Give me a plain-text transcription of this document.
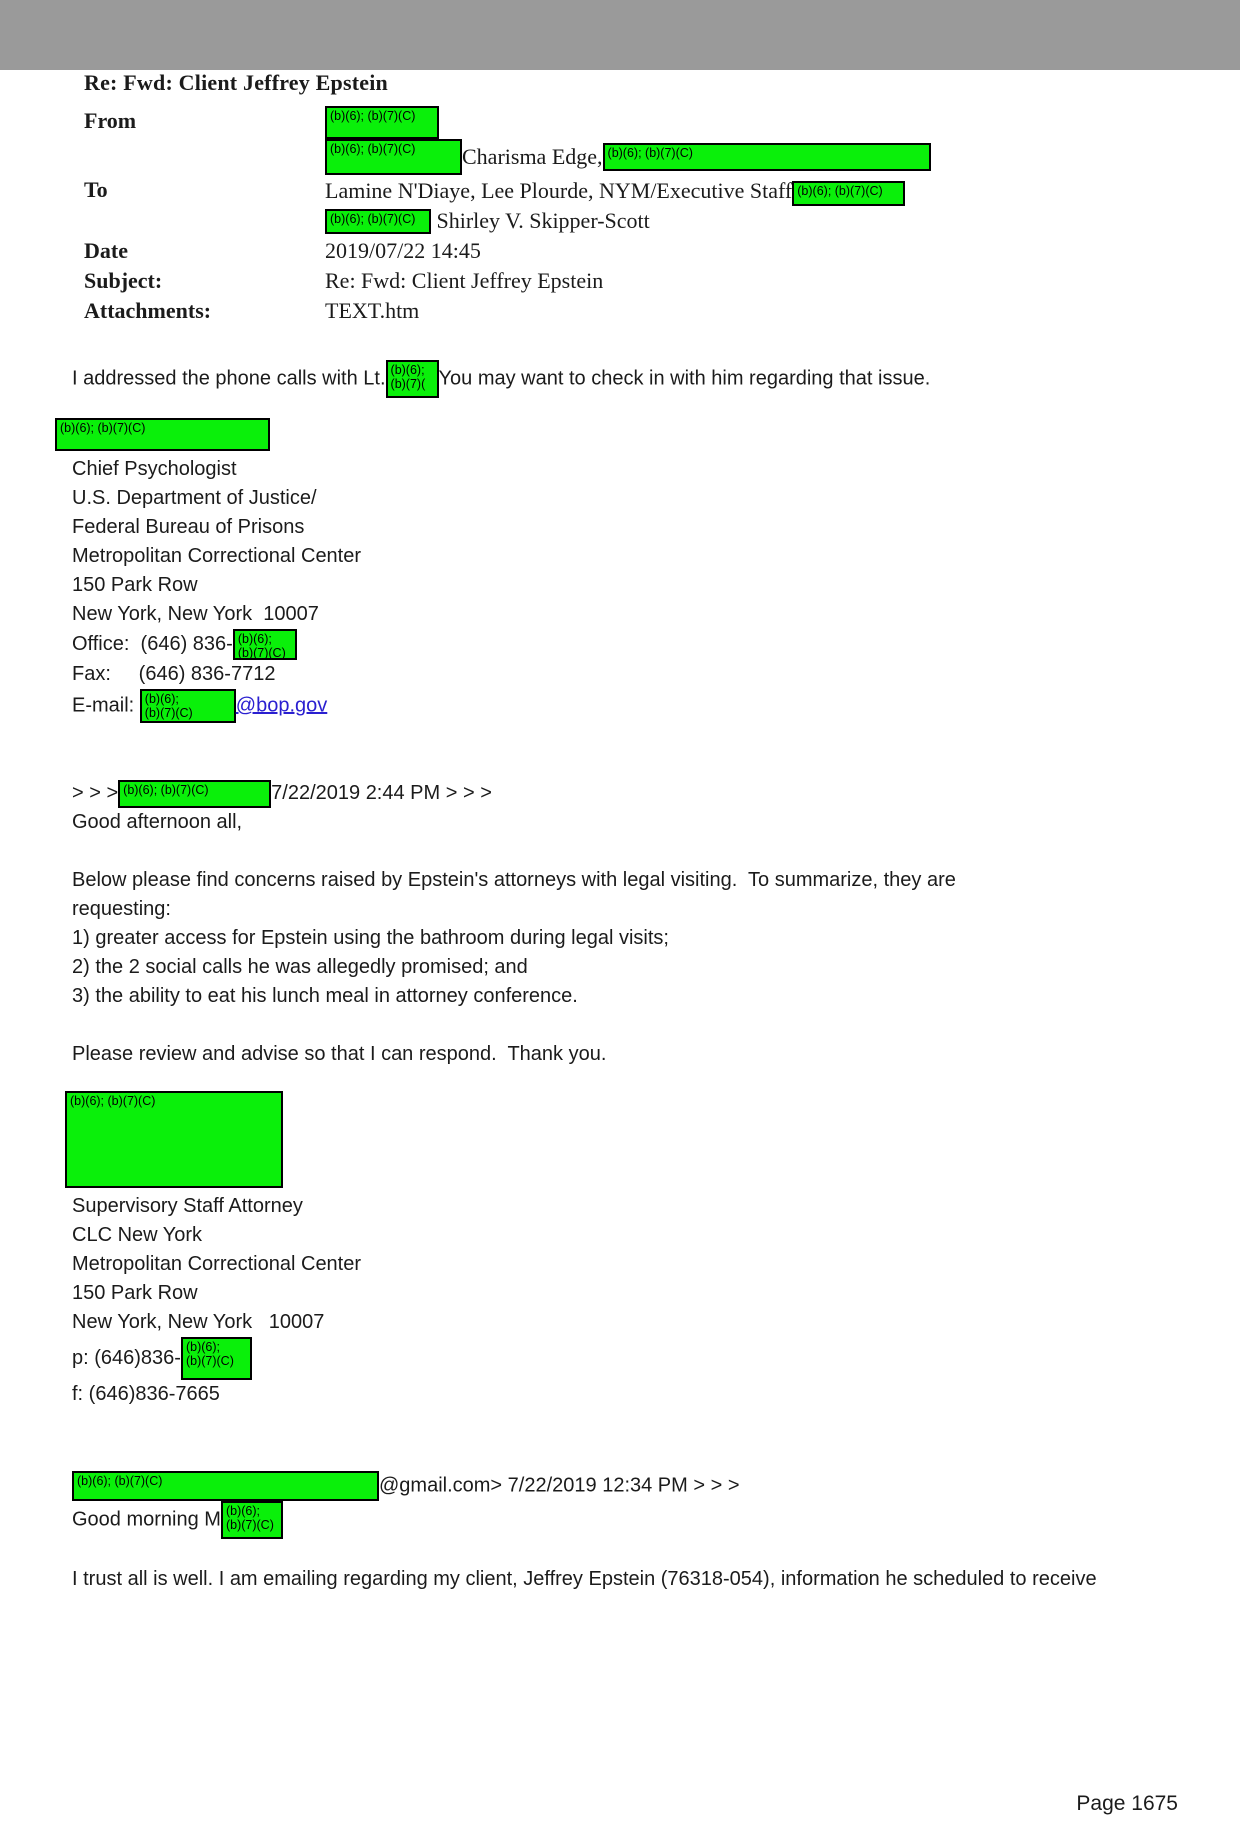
Re: Fwd: Client Jeffrey Epstein
From	(b)(6); (b)(7)(C)
(b)(6); (b)(7)(C)	Charisma Edge, (b)(6); (b)(7)(C)
To	Lamine N'Diaye, Lee Plourde, NYM/Executive Staff (b)(6); (b)(7)(C)
(b)(6); (b)(7)(C) Shirley V. Skipper-Scott
Date	2019/07/22 14:45
Subject:	Re: Fwd: Client Jeffrey Epstein
Attachments:	TEXT.htm
I addressed the phone calls with Lt. (b)(6);
(b)(7)( You may want to check in with him regarding that issue.
(b)(6); (b)(7)(C)
Chief Psychologist
U.S. Department of Justice/
Federal Bureau of Prisons
Metropolitan Correctional Center
150 Park Row
New York, New York  10007
Office:  (646) 836- (b)(6);
(b)(7)(C)
Fax:     (646) 836-7712
E-mail: (b)(6);
(b)(7)(C)	@bop.gov
> > > (b)(6); (b)(7)(C)	7/22/2019 2:44 PM > > >
Good afternoon all,
Below please find concerns raised by Epstein's attorneys with legal visiting.  To summarize, they are
requesting:
1) greater access for Epstein using the bathroom during legal visits;
2) the 2 social calls he was allegedly promised; and
3) the ability to eat his lunch meal in attorney conference.
Please review and advise so that I can respond.  Thank you.
(b)(6); (b)(7)(C)
Supervisory Staff Attorney
CLC New York
Metropolitan Correctional Center
150 Park Row
New York, New York   10007
p: (646)836- (b)(6);
(b)(7)(C)
f: (646)836-7665
(b)(6); (b)(7)(C)	@gmail.com> 7/22/2019 12:34 PM > > >
Good morning M (b)(6);
(b)(7)(C)
I trust all is well. I am emailing regarding my client, Jeffrey Epstein (76318-054), information he scheduled to receive
Page 1675
